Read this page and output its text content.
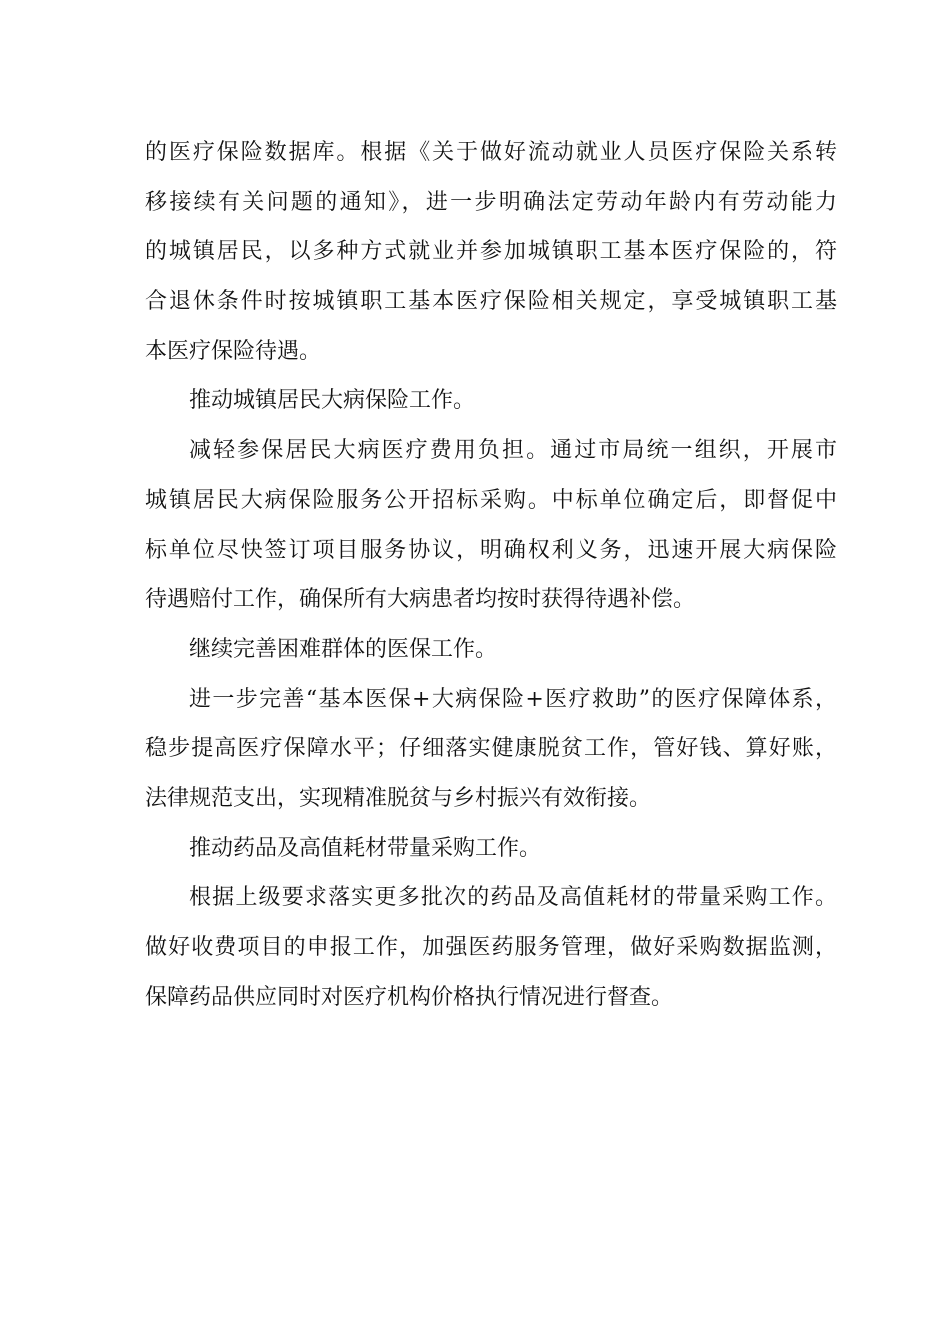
的医疗保险数据库。根据《关于做好流动就业人员医疗保险关系转
移接续有关问题的通知》，进一步明确法定劳动年龄内有劳动能力
的城镇居民，以多种方式就业并参加城镇职工基本医疗保险的，符
合退休条件时按城镇职工基本医疗保险相关规定，享受城镇职工基
本医疗保险待遇。
推动城镇居民大病保险工作。
减轻参保居民大病医疗费用负担。通过市局统一组织，开展市
城镇居民大病保险服务公开招标采购。中标单位确定后，即督促中
标单位尽快签订项目服务协议，明确权利义务，迅速开展大病保险
待遇赔付工作，确保所有大病患者均按时获得待遇补偿。
继续完善困难群体的医保工作。
进一步完善“基本医保+大病保险+医疗救助”的医疗保障体系，
稳步提高医疗保障水平；仔细落实健康脱贫工作，管好钱、算好账，
法律规范支出，实现精准脱贫与乡村振兴有效衔接。
推动药品及高值耗材带量采购工作。
根据上级要求落实更多批次的药品及高值耗材的带量采购工作。
做好收费项目的申报工作，加强医药服务管理，做好采购数据监测，
保障药品供应同时对医疗机构价格执行情况进行督查。
